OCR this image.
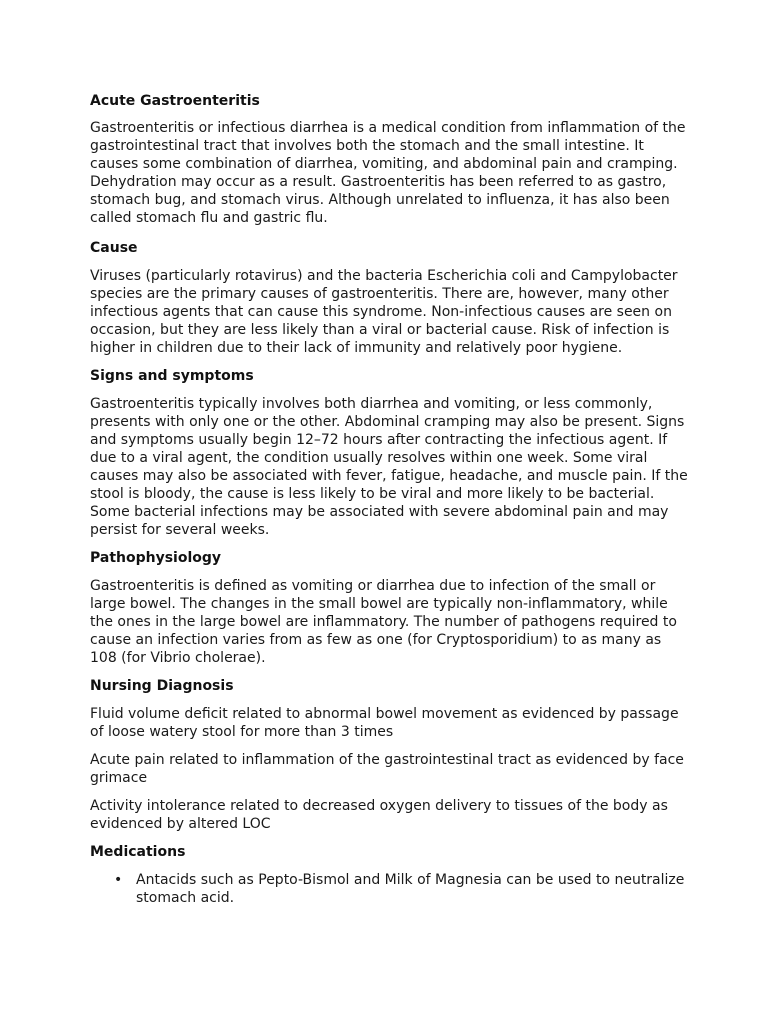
Acute Gastroenteritis

Gastroenteritis or infectious diarrhea is a medical condition from inflammation of the gastrointestinal tract that involves both the stomach and the small intestine. It causes some combination of diarrhea, vomiting, and abdominal pain and cramping. Dehydration may occur as a result. Gastroenteritis has been referred to as gastro, stomach bug, and stomach virus. Although unrelated to influenza, it has also been called stomach flu and gastric flu.

Cause

Viruses (particularly rotavirus) and the bacteria Escherichia coli and Campylobacter species are the primary causes of gastroenteritis. There are, however, many other infectious agents that can cause this syndrome. Non-infectious causes are seen on occasion, but they are less likely than a viral or bacterial cause. Risk of infection is higher in children due to their lack of immunity and relatively poor hygiene.

Signs and symptoms

Gastroenteritis typically involves both diarrhea and vomiting, or less commonly, presents with only one or the other. Abdominal cramping may also be present. Signs and symptoms usually begin 12–72 hours after contracting the infectious agent. If due to a viral agent, the condition usually resolves within one week. Some viral causes may also be associated with fever, fatigue, headache, and muscle pain. If the stool is bloody, the cause is less likely to be viral and more likely to be bacterial. Some bacterial infections may be associated with severe abdominal pain and may persist for several weeks.

Pathophysiology

Gastroenteritis is defined as vomiting or diarrhea due to infection of the small or large bowel. The changes in the small bowel are typically non-inflammatory, while the ones in the large bowel are inflammatory. The number of pathogens required to cause an infection varies from as few as one (for Cryptosporidium) to as many as 108 (for Vibrio cholerae).

Nursing Diagnosis

Fluid volume deficit related to abnormal bowel movement as evidenced by passage of loose watery stool for more than 3 times

Acute pain related to inflammation of the gastrointestinal tract as evidenced by face grimace

Activity intolerance related to decreased oxygen delivery to tissues of the body as evidenced by altered LOC

Medications
• Antacids such as Pepto-Bismol and Milk of Magnesia can be used to neutralize stomach acid.
